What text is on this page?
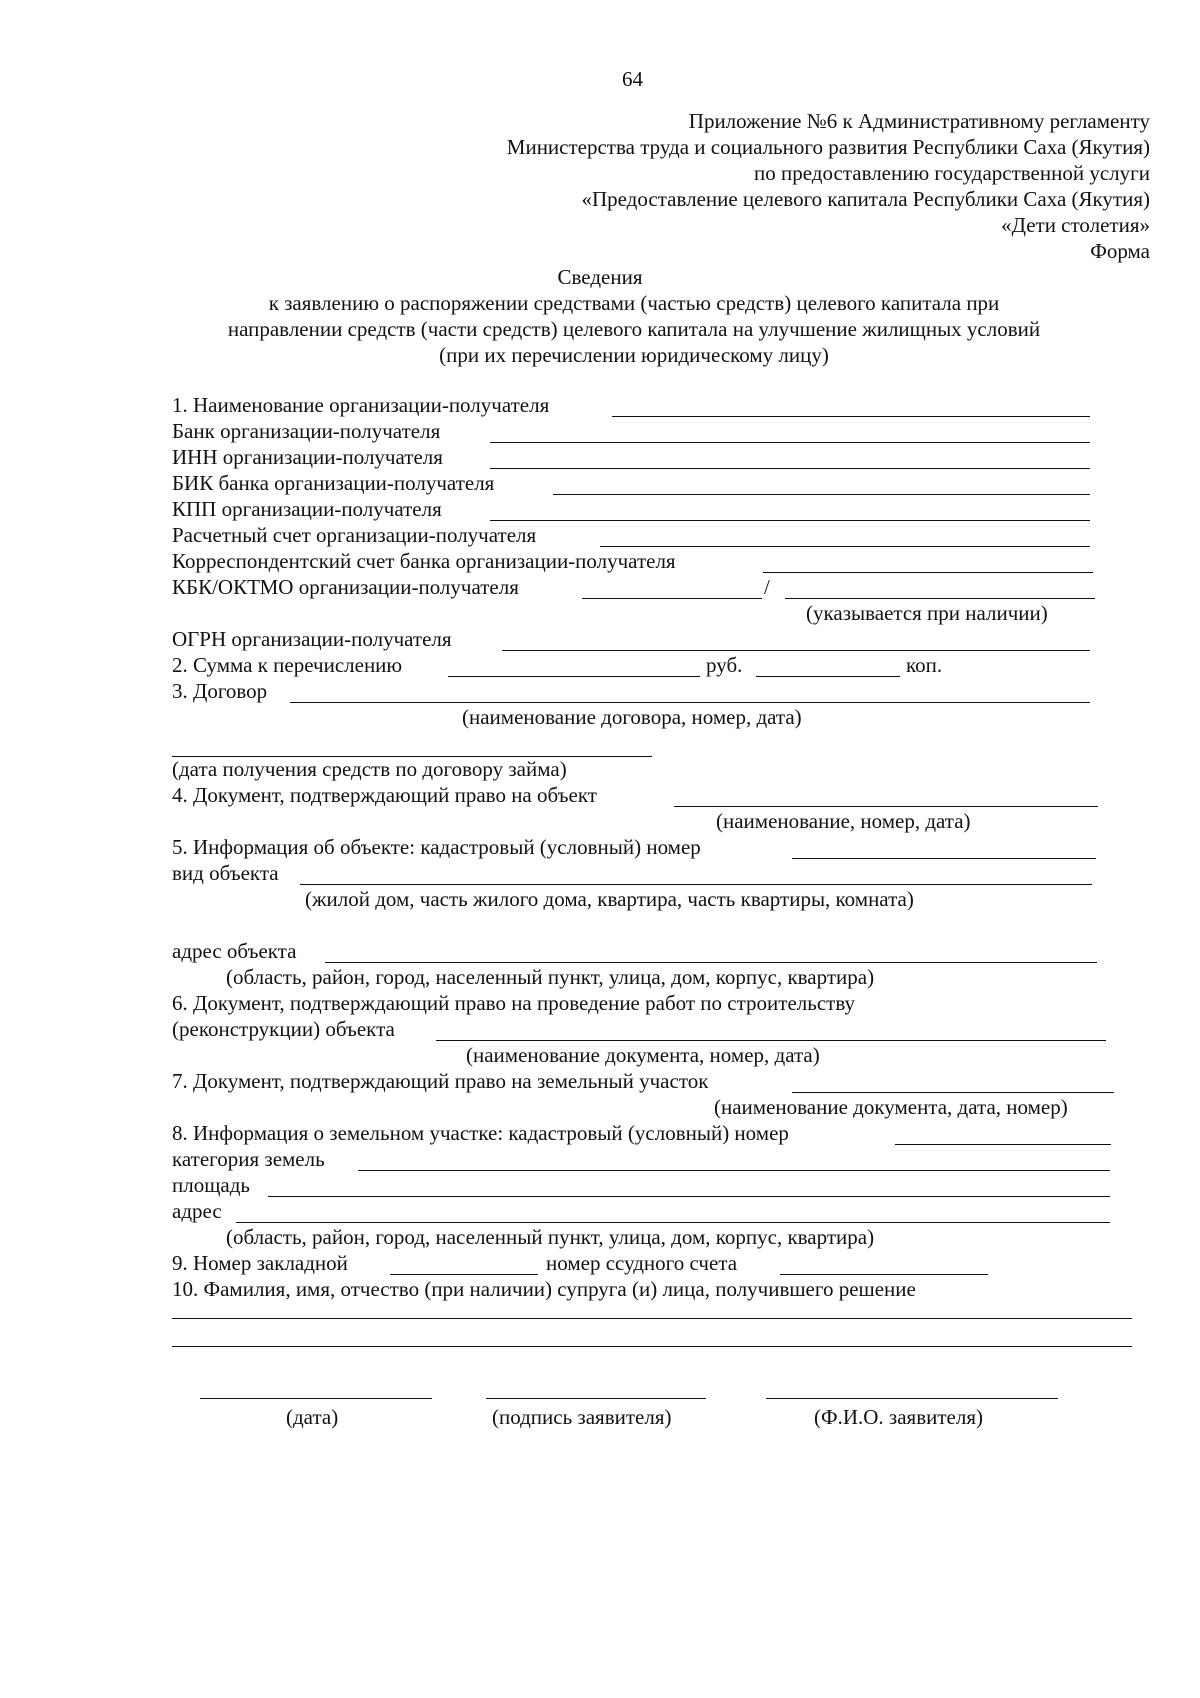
64
Приложение №6 к Административному регламенту
Министерства труда и социального развития Республики Саха (Якутия)
по предоставлению государственной услуги
«Предоставление целевого капитала Республики Саха (Якутия)
«Дети столетия»
Форма
Сведения
к заявлению о распоряжении средствами (частью средств) целевого капитала при
направлении средств (части средств) целевого капитала на улучшение жилищных условий
(при их перечислении юридическому лицу)
1. Наименование организации-получателя
Банк организации-получателя
ИНН организации-получателя
БИК банка организации-получателя
КПП организации-получателя
Расчетный счет организации-получателя
Корреспондентский счет банка организации-получателя
КБК/ОКТМО организации-получателя	/
(указывается при наличии)
ОГРН организации-получателя
2. Сумма к перечислению	руб.	коп.
3. Договор
(наименование договора, номер, дата)
(дата получения средств по договору займа)
4. Документ, подтверждающий право на объект
(наименование, номер, дата)
5. Информация об объекте: кадастровый (условный) номер
вид объекта
(жилой дом, часть жилого дома, квартира, часть квартиры, комната)
адрес объекта
(область, район, город, населенный пункт, улица, дом, корпус, квартира)
6. Документ, подтверждающий право на проведение работ по строительству
(реконструкции) объекта
(наименование документа, номер, дата)
7. Документ, подтверждающий право на земельный участок
(наименование документа, дата, номер)
8. Информация о земельном участке: кадастровый (условный) номер
категория земель
площадь
адрес
(область, район, город, населенный пункт, улица, дом, корпус, квартира)
9. Номер закладной	номер ссудного счета
10. Фамилия, имя, отчество (при наличии) супруга (и) лица, получившего решение
(дата)	(подпись заявителя)	(Ф.И.О. заявителя)
